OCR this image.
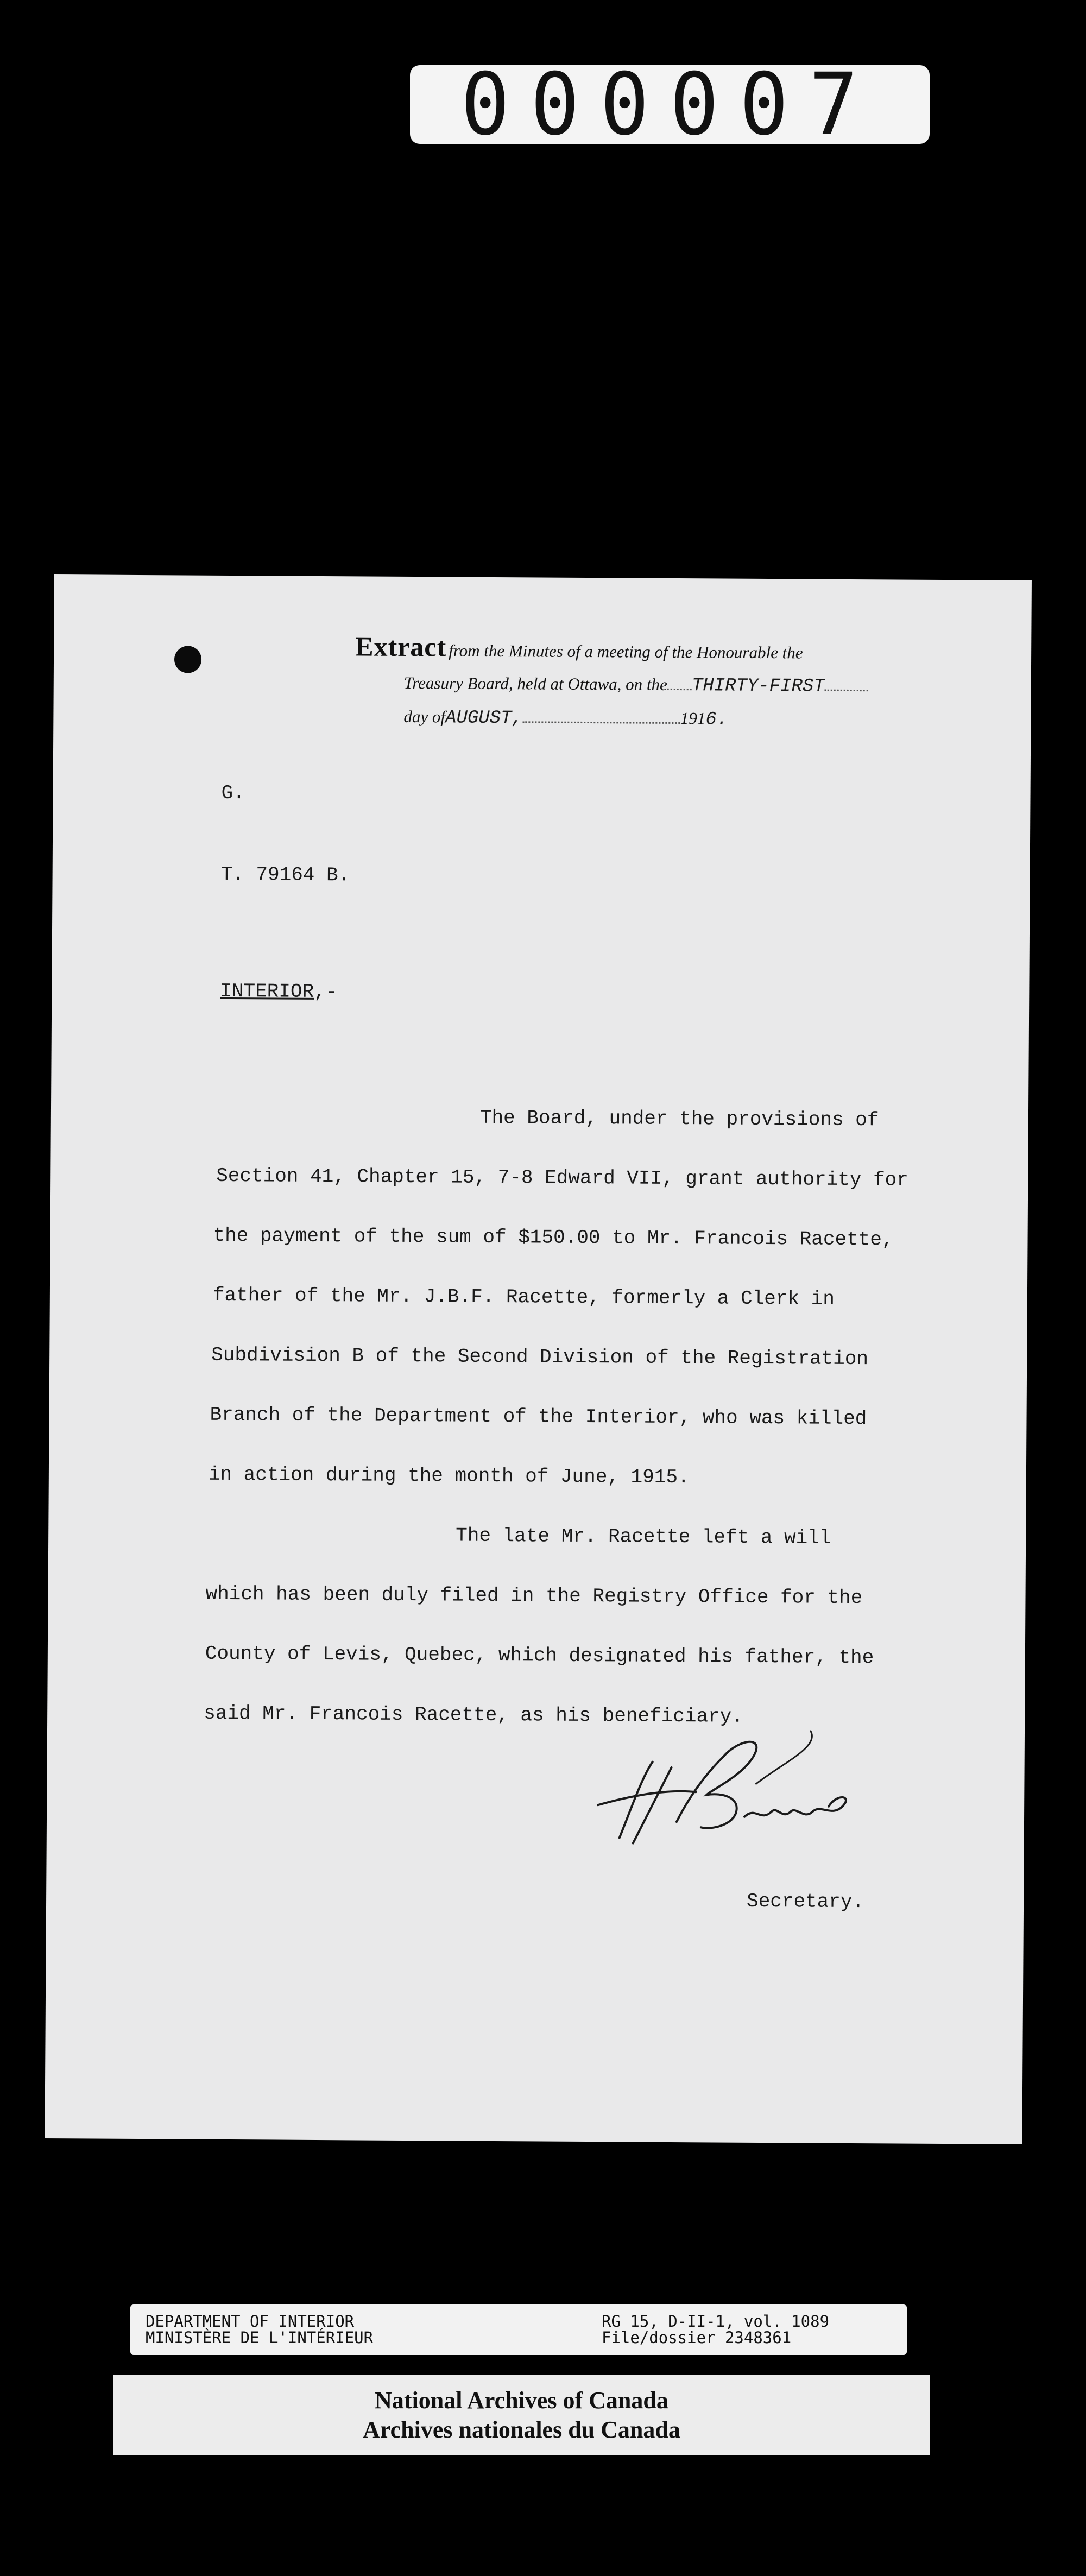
000007
Extract from the Minutes of a meeting of the Honourable the
Treasury Board, held at Ottawa, on the THIRTY-FIRST
day ofAUGUST,	1916.
G.
T. 79164 B.
INTERIOR,-
The Board, under the provisions of
Section 41, Chapter 15, 7-8 Edward VII, grant authority for
the payment of the sum of $150.00 to Mr. Francois Racette,
father of the Mr. J.B.F. Racette, formerly a Clerk in
Subdivision B of the Second Division of the Registration
Branch of the Department of the Interior, who was killed
in action during the month of June, 1915.
The late Mr. Racette left a will
which has been duly filed in the Registry Office for the
County of Levis, Quebec, which designated his father, the
said Mr. Francois Racette, as his beneficiary.
Secretary.
DEPARTMENT OF INTERIOR
MINISTÈRE DE L'INTÉRIEUR
RG 15, D-II-1, vol. 1089
File/dossier 2348361
National Archives of Canada
Archives nationales du Canada
